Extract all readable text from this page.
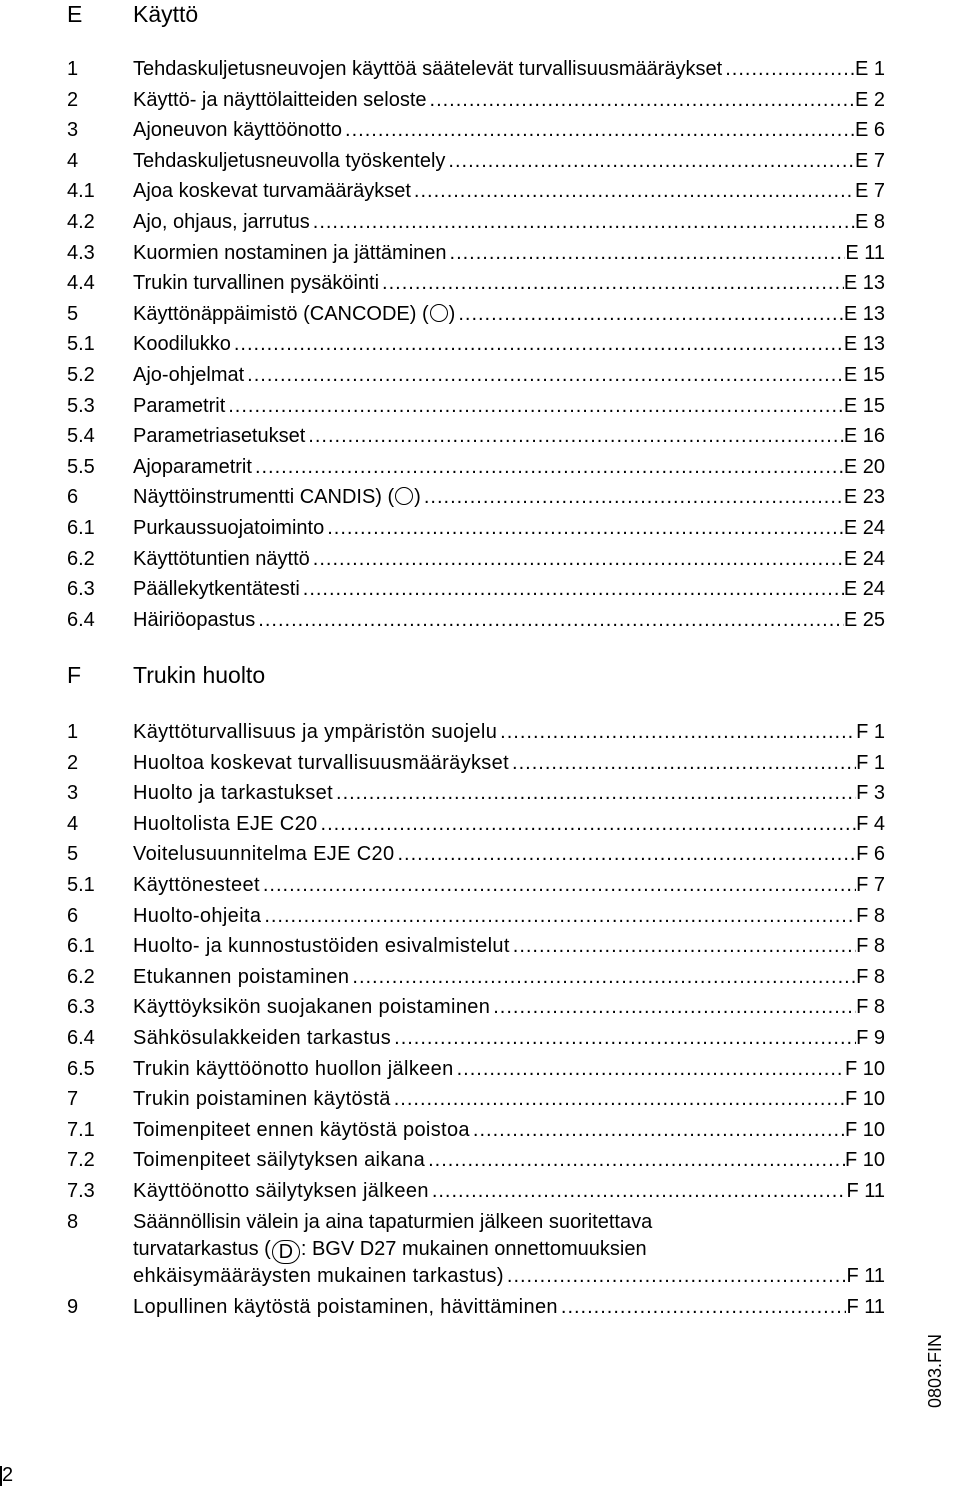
E Käyttö
1	Tehdaskuljetusneuvojen käyttöä säätelevät turvallisuusmääräykset .....	E 1
2	Käyttö- ja näyttölaitteiden seloste .....	E 2
3	Ajoneuvon käyttöönotto .....	E 6
4	Tehdaskuljetusneuvolla työskentely .....	E 7
4.1 Ajoa koskevat turvamääräykset .....	E 7
4.2 Ajo, ohjaus, jarrutus .....	E 8
4.3 Kuormien nostaminen ja jättäminen .....	E 11
4.4 Trukin turvallinen pysäköinti .....	E 13
5	Käyttönäppäimistö (CANCODE) ( ) .....	E 13
5.1 Koodilukko .....	E 13
5.2 Ajo-ohjelmat .....	E 15
5.3 Parametrit .....	E 15
5.4 Parametriasetukset .....	E 16
5.5 Ajoparametrit .....	E 20
6	Näyttöinstrumentti CANDIS) ( ) .....	E 23
6.1 Purkaussuojatoiminto .....	E 24
6.2 Käyttötuntien näyttö .....	E 24
6.3 Päällekytkentätesti .....	E 24
6.4 Häiriöopastus .....	E 25
F Trukin huolto
1	Käyttöturvallisuus ja ympäristön suojelu .....	F 1
2	Huoltoa koskevat turvallisuusmääräykset .....	F 1
3	Huolto ja tarkastukset .....	F 3
4	Huoltolista EJE C20 .....	F 4
5	Voitelusuunnitelma EJE C20 .....	F 6
5.1 Käyttönesteet .....	F 7
6	Huolto-ohjeita .....	F 8
6.1 Huolto- ja kunnostustöiden esivalmistelut .....	F 8
6.2 Etukannen poistaminen .....	F 8
6.3 Käyttöyksikön suojakanen poistaminen .....	F 8
6.4 Sähkösulakkeiden tarkastus .....	F 9
6.5 Trukin käyttöönotto huollon jälkeen .....	F 10
7	Trukin poistaminen käytöstä .....	F 10
7.1 Toimenpiteet ennen käytöstä poistoa .....	F 10
7.2 Toimenpiteet säilytyksen aikana .....	F 10
7.3 Käyttöönotto säilytyksen jälkeen .....	F 11
8	Säännöllisin välein ja aina tapaturmien jälkeen suoritettava
turvatarkastus ( D : BGV D27 mukainen onnettomuuksien
ehkäisymääräysten mukainen tarkastus) .....	F 11
9	Lopullinen käytöstä poistaminen, hävittäminen .....	F 11
0803.FIN
2
